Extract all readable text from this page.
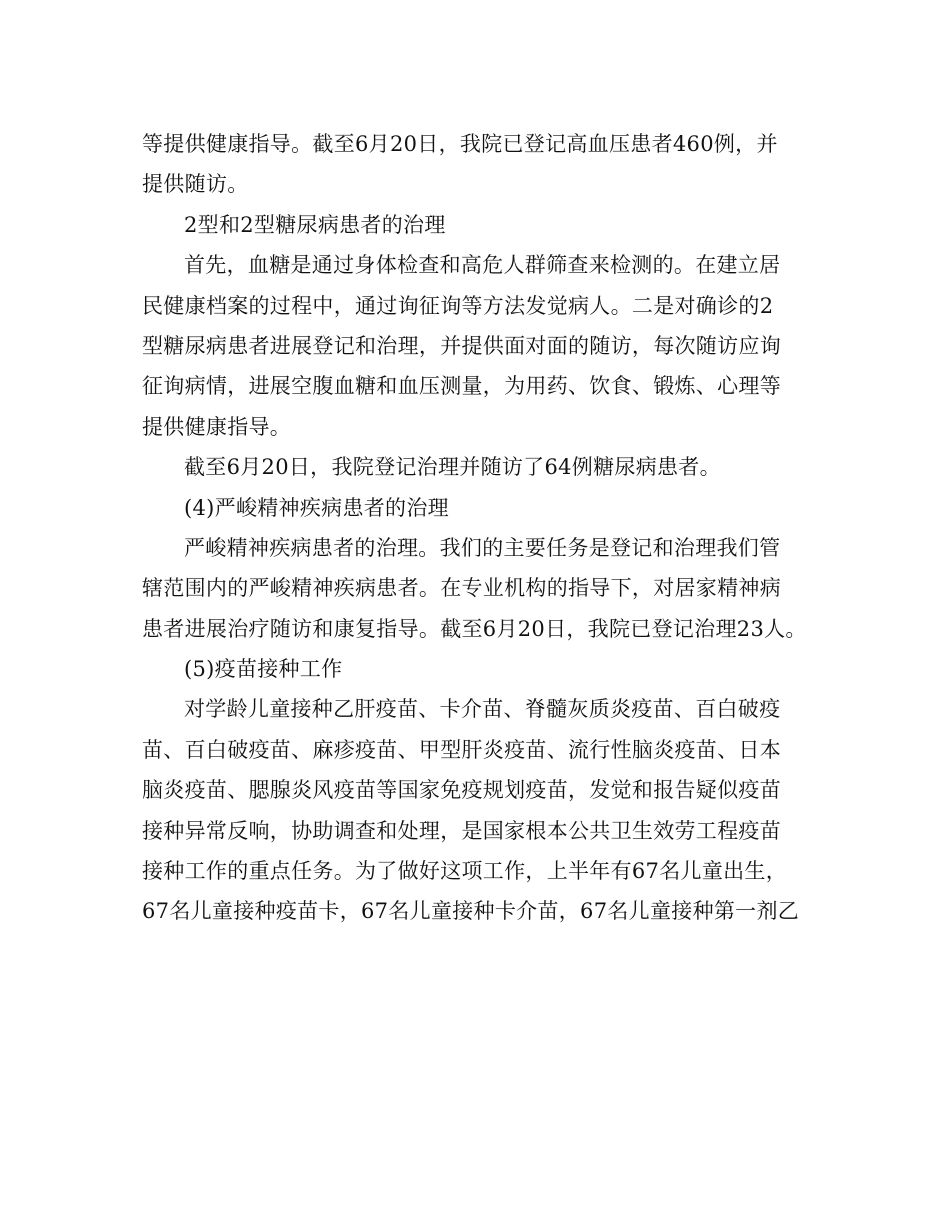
等提供健康指导。截至6月20日，我院已登记高血压患者460例，并
提供随访。
2型和2型糖尿病患者的治理
首先，血糖是通过身体检查和高危人群筛查来检测的。在建立居
民健康档案的过程中，通过询征询等方法发觉病人。二是对确诊的2
型糖尿病患者进展登记和治理，并提供面对面的随访，每次随访应询
征询病情，进展空腹血糖和血压测量，为用药、饮食、锻炼、心理等
提供健康指导。
截至6月20日，我院登记治理并随访了64例糖尿病患者。
(4)严峻精神疾病患者的治理
严峻精神疾病患者的治理。我们的主要任务是登记和治理我们管
辖范围内的严峻精神疾病患者。在专业机构的指导下，对居家精神病
患者进展治疗随访和康复指导。截至6月20日，我院已登记治理23人。
(5)疫苗接种工作
对学龄儿童接种乙肝疫苗、卡介苗、脊髓灰质炎疫苗、百白破疫
苗、百白破疫苗、麻疹疫苗、甲型肝炎疫苗、流行性脑炎疫苗、日本
脑炎疫苗、腮腺炎风疫苗等国家免疫规划疫苗，发觉和报告疑似疫苗
接种异常反响，协助调查和处理，是国家根本公共卫生效劳工程疫苗
接种工作的重点任务。为了做好这项工作，上半年有67名儿童出生，
67名儿童接种疫苗卡，67名儿童接种卡介苗，67名儿童接种第一剂乙
